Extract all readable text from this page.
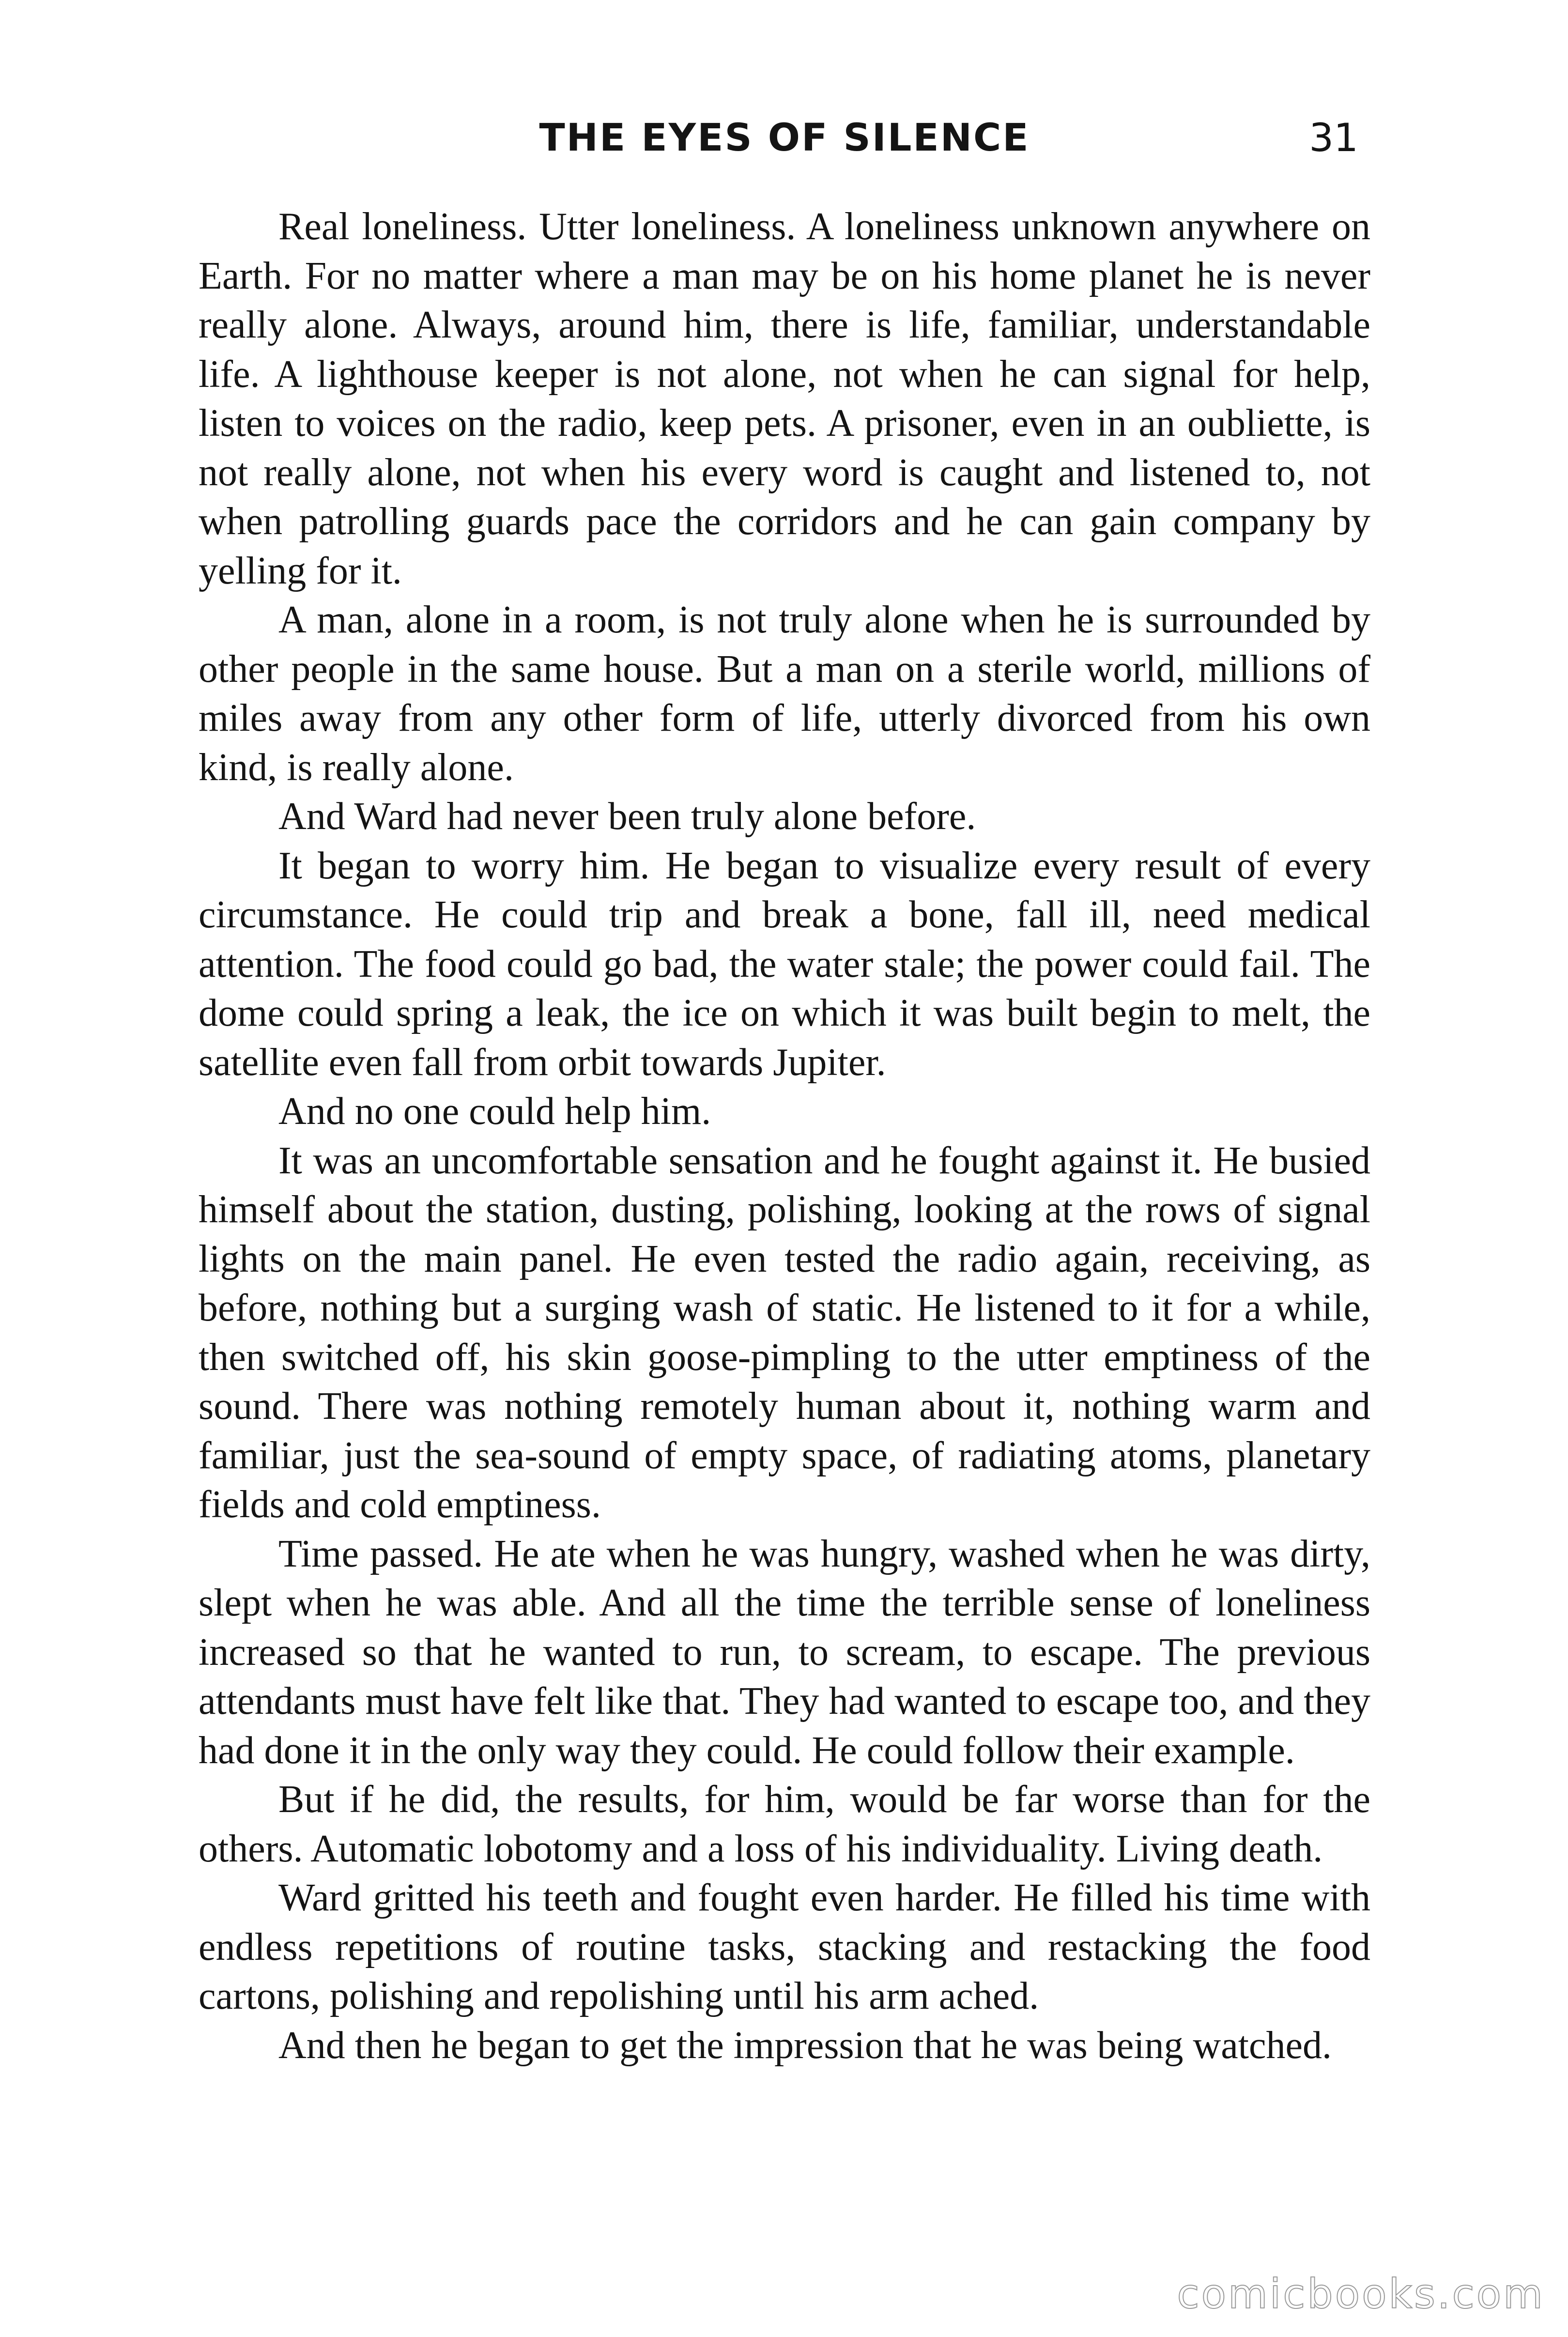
THE EYES OF SILENCE	31

Real loneliness. Utter loneliness. A loneliness unknown anywhere on Earth. For no matter where a man may be on his home planet he is never really alone. Always, around him, there is life, familiar, understandable life. A lighthouse keeper is not alone, not when he can signal for help, listen to voices on the radio, keep pets. A prisoner, even in an oubliette, is not really alone, not when his every word is caught and listened to, not when patrolling guards pace the corridors and he can gain company by yelling for it.

A man, alone in a room, is not truly alone when he is surrounded by other people in the same house. But a man on a sterile world, millions of miles away from any other form of life, utterly divorced from his own kind, is really alone.

And Ward had never been truly alone before.

It began to worry him. He began to visualize every result of every circumstance. He could trip and break a bone, fall ill, need medical attention. The food could go bad, the water stale; the power could fail. The dome could spring a leak, the ice on which it was built begin to melt, the satellite even fall from orbit towards Jupiter.

And no one could help him.

It was an uncomfortable sensation and he fought against it. He busied himself about the station, dusting, polishing, looking at the rows of signal lights on the main panel. He even tested the radio again, receiving, as before, nothing but a surging wash of static. He listened to it for a while, then switched off, his skin goose-pimpling to the utter emptiness of the sound. There was nothing remotely human about it, nothing warm and familiar, just the sea-sound of empty space, of radiating atoms, planetary fields and cold emptiness.

Time passed. He ate when he was hungry, washed when he was dirty, slept when he was able. And all the time the terrible sense of loneliness increased so that he wanted to run, to scream, to escape. The previous attendants must have felt like that. They had wanted to escape too, and they had done it in the only way they could. He could follow their example.

But if he did, the results, for him, would be far worse than for the others. Automatic lobotomy and a loss of his individuality. Living death.

Ward gritted his teeth and fought even harder. He filled his time with endless repetitions of routine tasks, stacking and restacking the food cartons, polishing and repolishing until his arm ached.

And then he began to get the impression that he was being watched.

comicbooks.com
